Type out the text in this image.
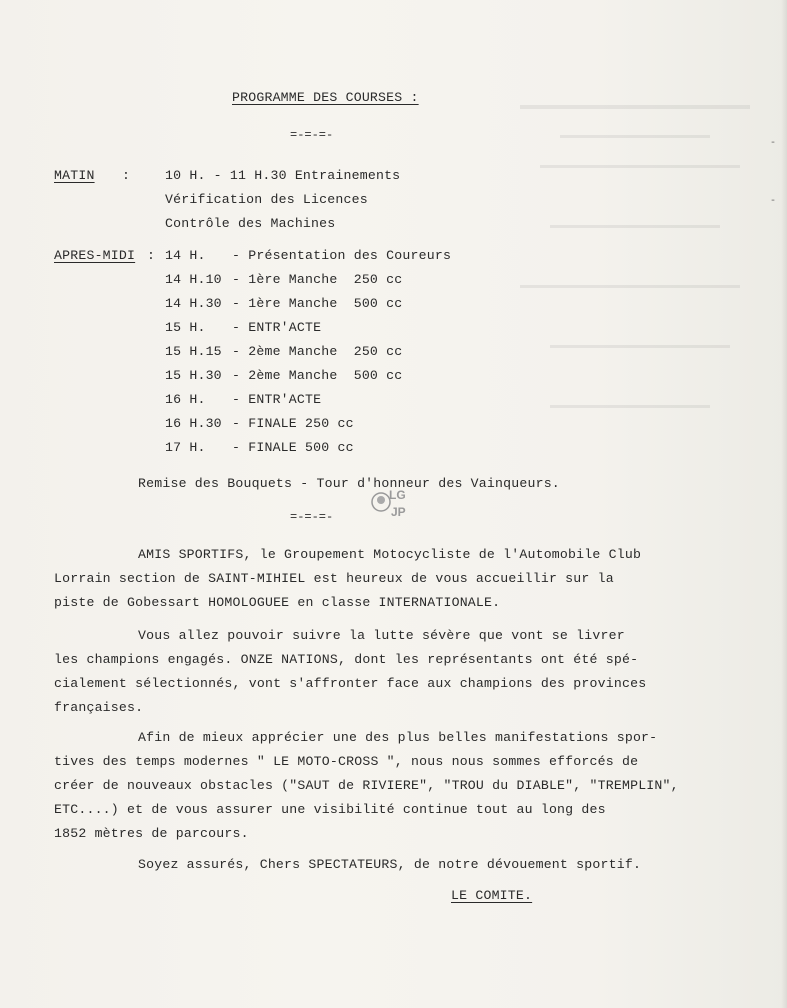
PROGRAMME DES COURSES :
=-=-=-
MATIN :	10 H. - 11 H.30 Entrainements
Vérification des Licences
Contrôle des Machines
APRES-MIDI : 14 H. - Présentation des Coureurs
14 H.10 - 1ère Manche  250 cc
14 H.30 - 1ère Manche  500 cc
15 H. - ENTR'ACTE
15 H.15 - 2ème Manche  250 cc
15 H.30 - 2ème Manche  500 cc
16 H. - ENTR'ACTE
16 H.30 - FINALE 250 cc
17 H. - FINALE 500 cc
Remise des Bouquets - Tour d'honneur des Vainqueurs.
LG
JP
=-=-=-
AMIS SPORTIFS, le Groupement Motocycliste de l'Automobile Club
Lorrain section de SAINT-MIHIEL est heureux de vous accueillir sur la
piste de Gobessart HOMOLOGUEE en classe INTERNATIONALE.
Vous allez pouvoir suivre la lutte sévère que vont se livrer
les champions engagés. ONZE NATIONS, dont les représentants ont été spé-
cialement sélectionnés, vont s'affronter face aux champions des provinces
françaises.
Afin de mieux apprécier une des plus belles manifestations spor-
tives des temps modernes " LE MOTO-CROSS ", nous nous sommes efforcés de
créer de nouveaux obstacles ("SAUT de RIVIERE", "TROU du DIABLE", "TREMPLIN",
ETC....) et de vous assurer une visibilité continue tout au long des
1852 mètres de parcours.
Soyez assurés, Chers SPECTATEURS, de notre dévouement sportif.
LE COMITE.
-
-
